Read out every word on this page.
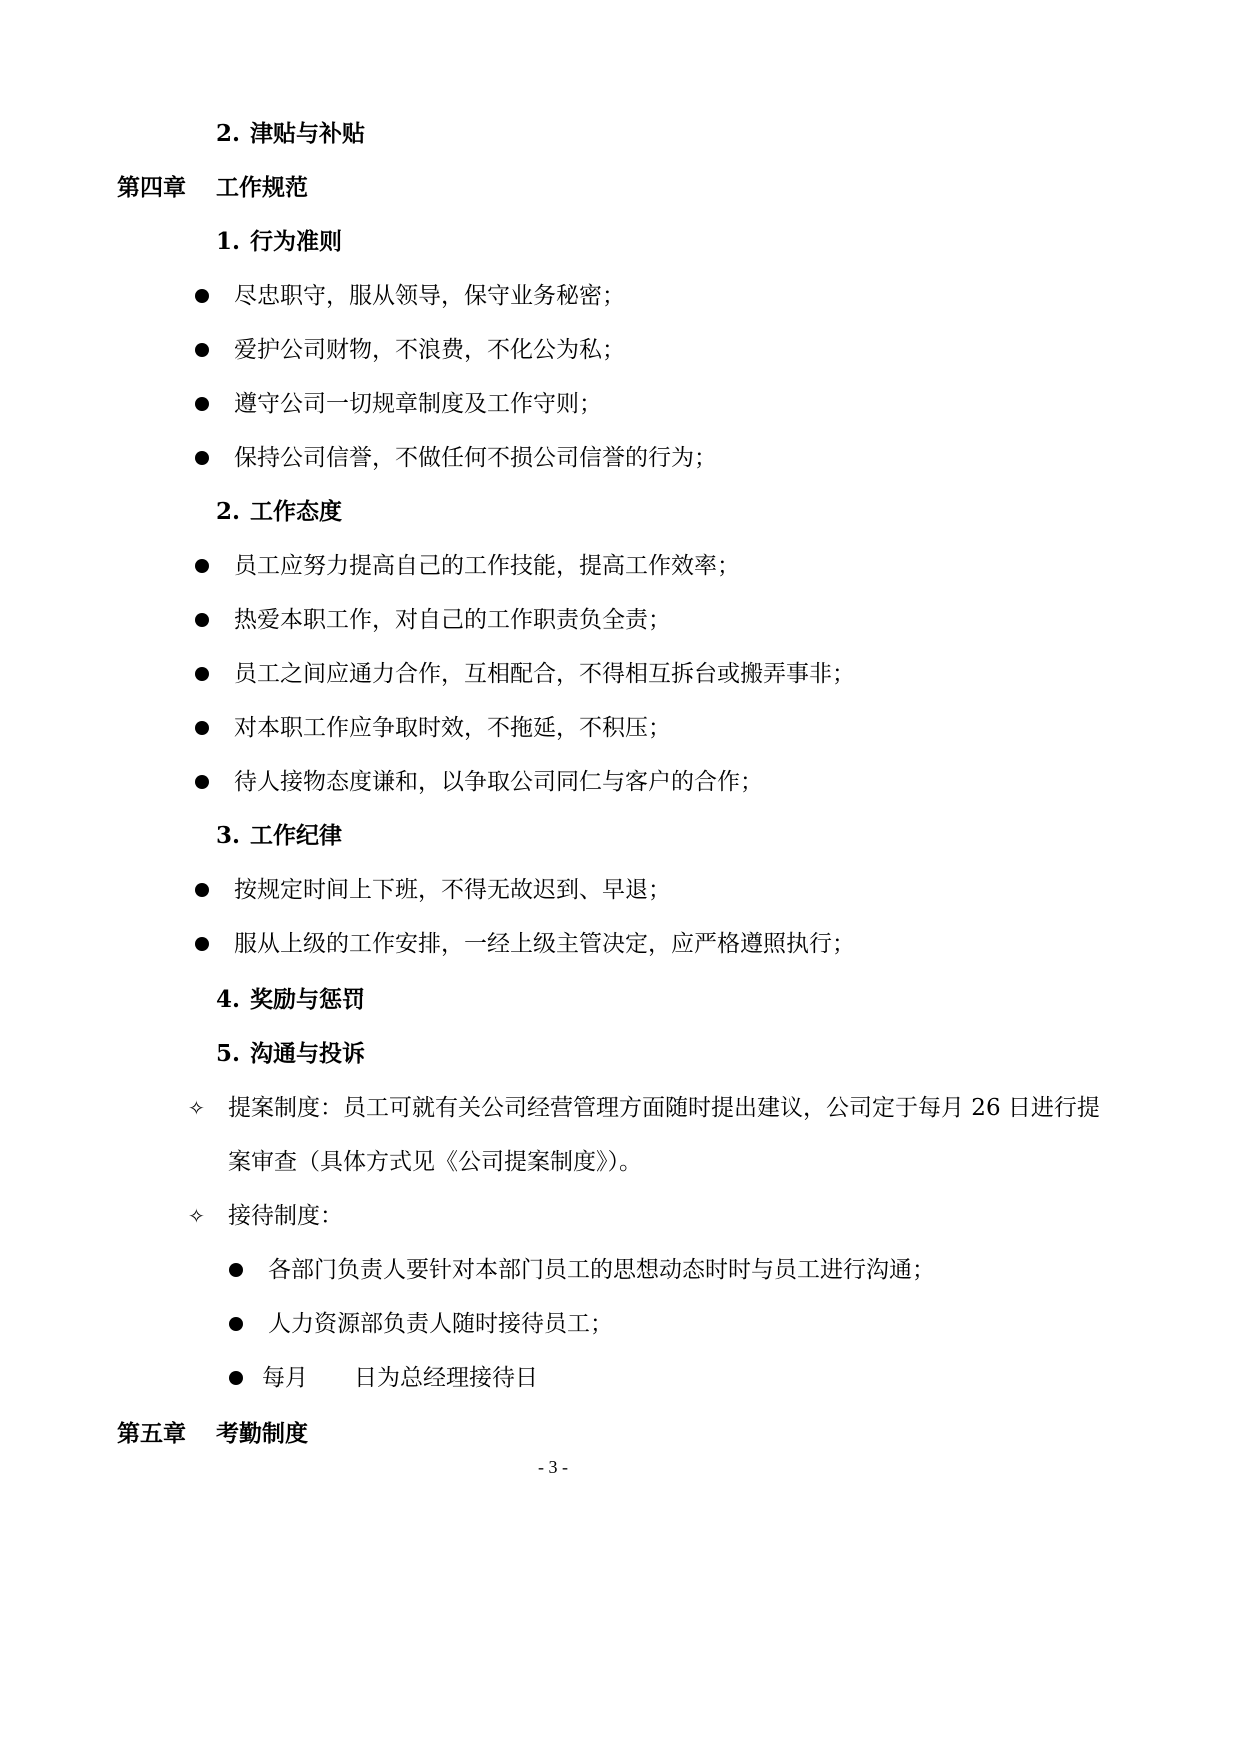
2. 津贴与补贴
第四章 工作规范
1. 行为准则
尽忠职守，服从领导，保守业务秘密；
爱护公司财物，不浪费，不化公为私；
遵守公司一切规章制度及工作守则；
保持公司信誉，不做任何不损公司信誉的行为；
2. 工作态度
员工应努力提高自己的工作技能，提高工作效率；
热爱本职工作，对自己的工作职责负全责；
员工之间应通力合作，互相配合，不得相互拆台或搬弄事非；
对本职工作应争取时效，不拖延，不积压；
待人接物态度谦和，以争取公司同仁与客户的合作；
3. 工作纪律
按规定时间上下班，不得无故迟到、早退；
服从上级的工作安排，一经上级主管决定，应严格遵照执行；
4. 奖励与惩罚
5. 沟通与投诉
✧ 提案制度：员工可就有关公司经营管理方面随时提出建议，公司定于每月 26 日进行提
案审查（具体方式见《公司提案制度》）。
✧ 接待制度：
各部门负责人要针对本部门员工的思想动态时时与员工进行沟通；
人力资源部负责人随时接待员工；
每月　　日为总经理接待日
第五章 考勤制度
- 3 -
